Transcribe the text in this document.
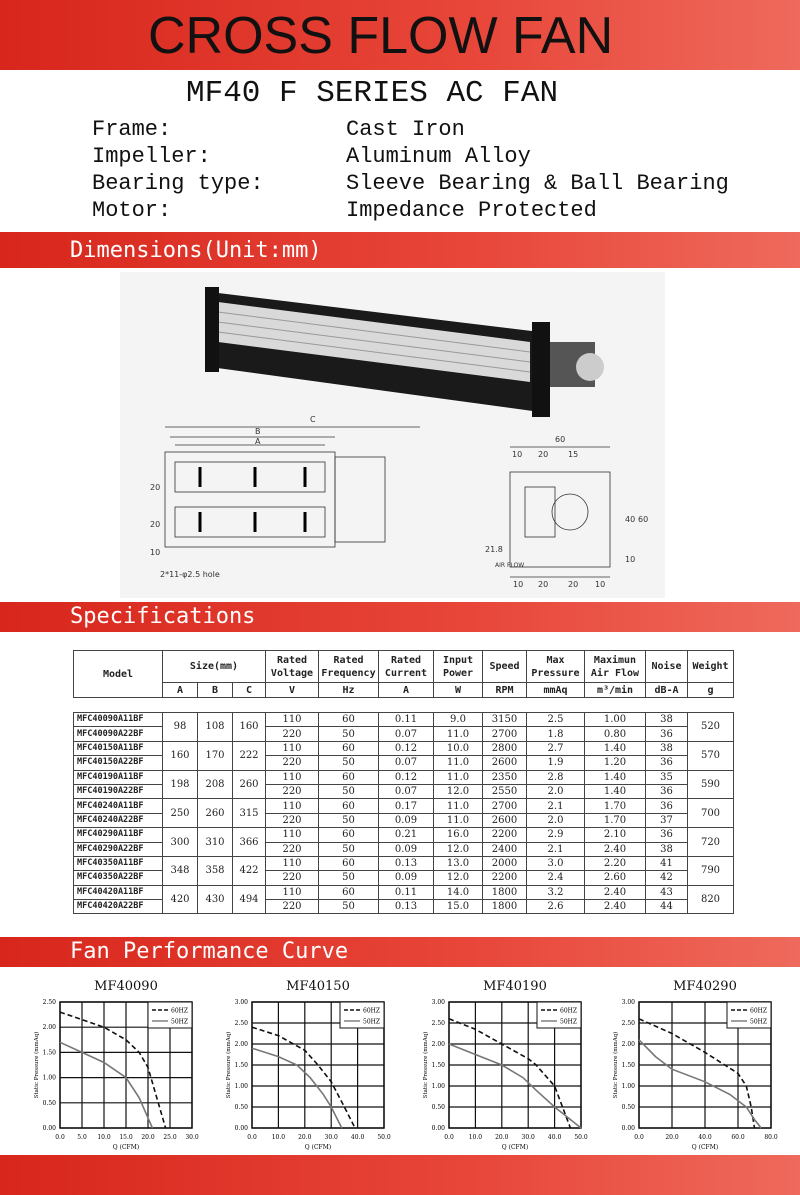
CROSS FLOW FAN
MF40 F SERIES AC FAN
Frame:	Cast Iron
Impeller:	Aluminum Alloy
Bearing type:	Sleeve Bearing & Ball Bearing
Motor:	Impedance Protected
Dimensions(Unit:mm)
C
B
A
20
20
10
2*11-φ2.5 hole
60
10 20 15
40 60
10
21.8
AIR FLOW
10 20 20 10
Specifications
Model	Size(mm)			Rated Voltage	Rated Frequency	Rated Current	Input Power	Speed	Max Pressure	Maximun Air Flow	Noise	Weight
	A	B	C	V	Hz	A	W	RPM	mmAq	m³/min	dB-A	g

MFC40090A11BF	98	108	160	110	60	0.11	9.0	3150	2.5	1.00	38	520
MFC40090A22BF				220	50	0.07	11.0	2700	1.8	0.80	36	
MFC40150A11BF	160	170	222	110	60	0.12	10.0	2800	2.7	1.40	38	570
MFC40150A22BF				220	50	0.07	11.0	2600	1.9	1.20	36	
MFC40190A11BF	198	208	260	110	60	0.12	11.0	2350	2.8	1.40	35	590
MFC40190A22BF				220	50	0.07	12.0	2550	2.0	1.40	36	
MFC40240A11BF	250	260	315	110	60	0.17	11.0	2700	2.1	1.70	36	700
MFC40240A22BF				220	50	0.09	11.0	2600	2.0	1.70	37	
MFC40290A11BF	300	310	366	110	60	0.21	16.0	2200	2.9	2.10	36	720
MFC40290A22BF				220	50	0.09	12.0	2400	2.1	2.40	38	
MFC40350A11BF	348	358	422	110	60	0.13	13.0	2000	3.0	2.20	41	790
MFC40350A22BF				220	50	0.09	12.0	2200	2.4	2.60	42	
MFC40420A11BF	420	430	494	110	60	0.11	14.0	1800	3.2	2.40	43	820
MFC40420A22BF				220	50	0.13	15.0	1800	2.6	2.40	44	
Fan Performance Curve
MF40090
0.0 5.0 10.0 15.0 20.0 25.0 30.0
0.00
0.50
1.00
1.50
2.00
2.50
Q (CFM)
Static Pressure (mmAq)
60HZ
50HZ
MF40150
0.0 10.0 20.0 30.0 40.0 50.0
0.00
0.50
1.00
1.50
2.00
2.50
3.00
Q (CFM)
Static Pressure (mmAq)
60HZ
50HZ
MF40190
0.0 10.0 20.0 30.0 40.0 50.0
0.00
0.50
1.00
1.50
2.00
2.50
3.00
Q (CFM)
Static Pressure (mmAq)
60HZ
50HZ
MF40290
0.0	20.0	40.0	60.0	80.0
0.00
0.50
1.00
1.50
2.00
2.50
3.00
Q (CFM)
Static Pressure (mmAq)
60HZ
50HZ
